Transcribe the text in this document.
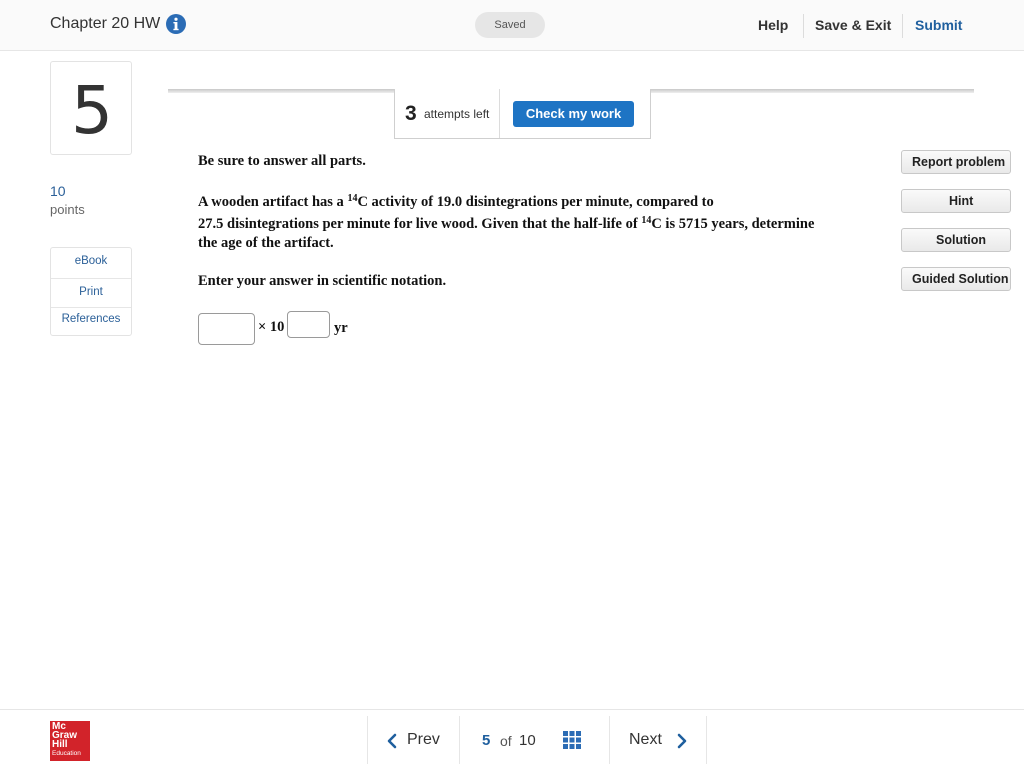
Chapter 20 HW	Saved	Help Save & Exit Submit
5
10
points
eBook
Print
References
3 attempts left	Check my work
Be sure to answer all parts.
A wooden artifact has a $^{14}$C activity of 19.0 disintegrations per minute, compared to
27.5 disintegrations per minute for live wood. Given that the half-life of $^{14}$C is 5715 years, determine
the age of the artifact.
Enter your answer in scientific notation.
× 10	yr
Report problem
Hint
Solution
Guided Solution
Mc
Graw
Hill
Education
Prev	5 of 10	Next
